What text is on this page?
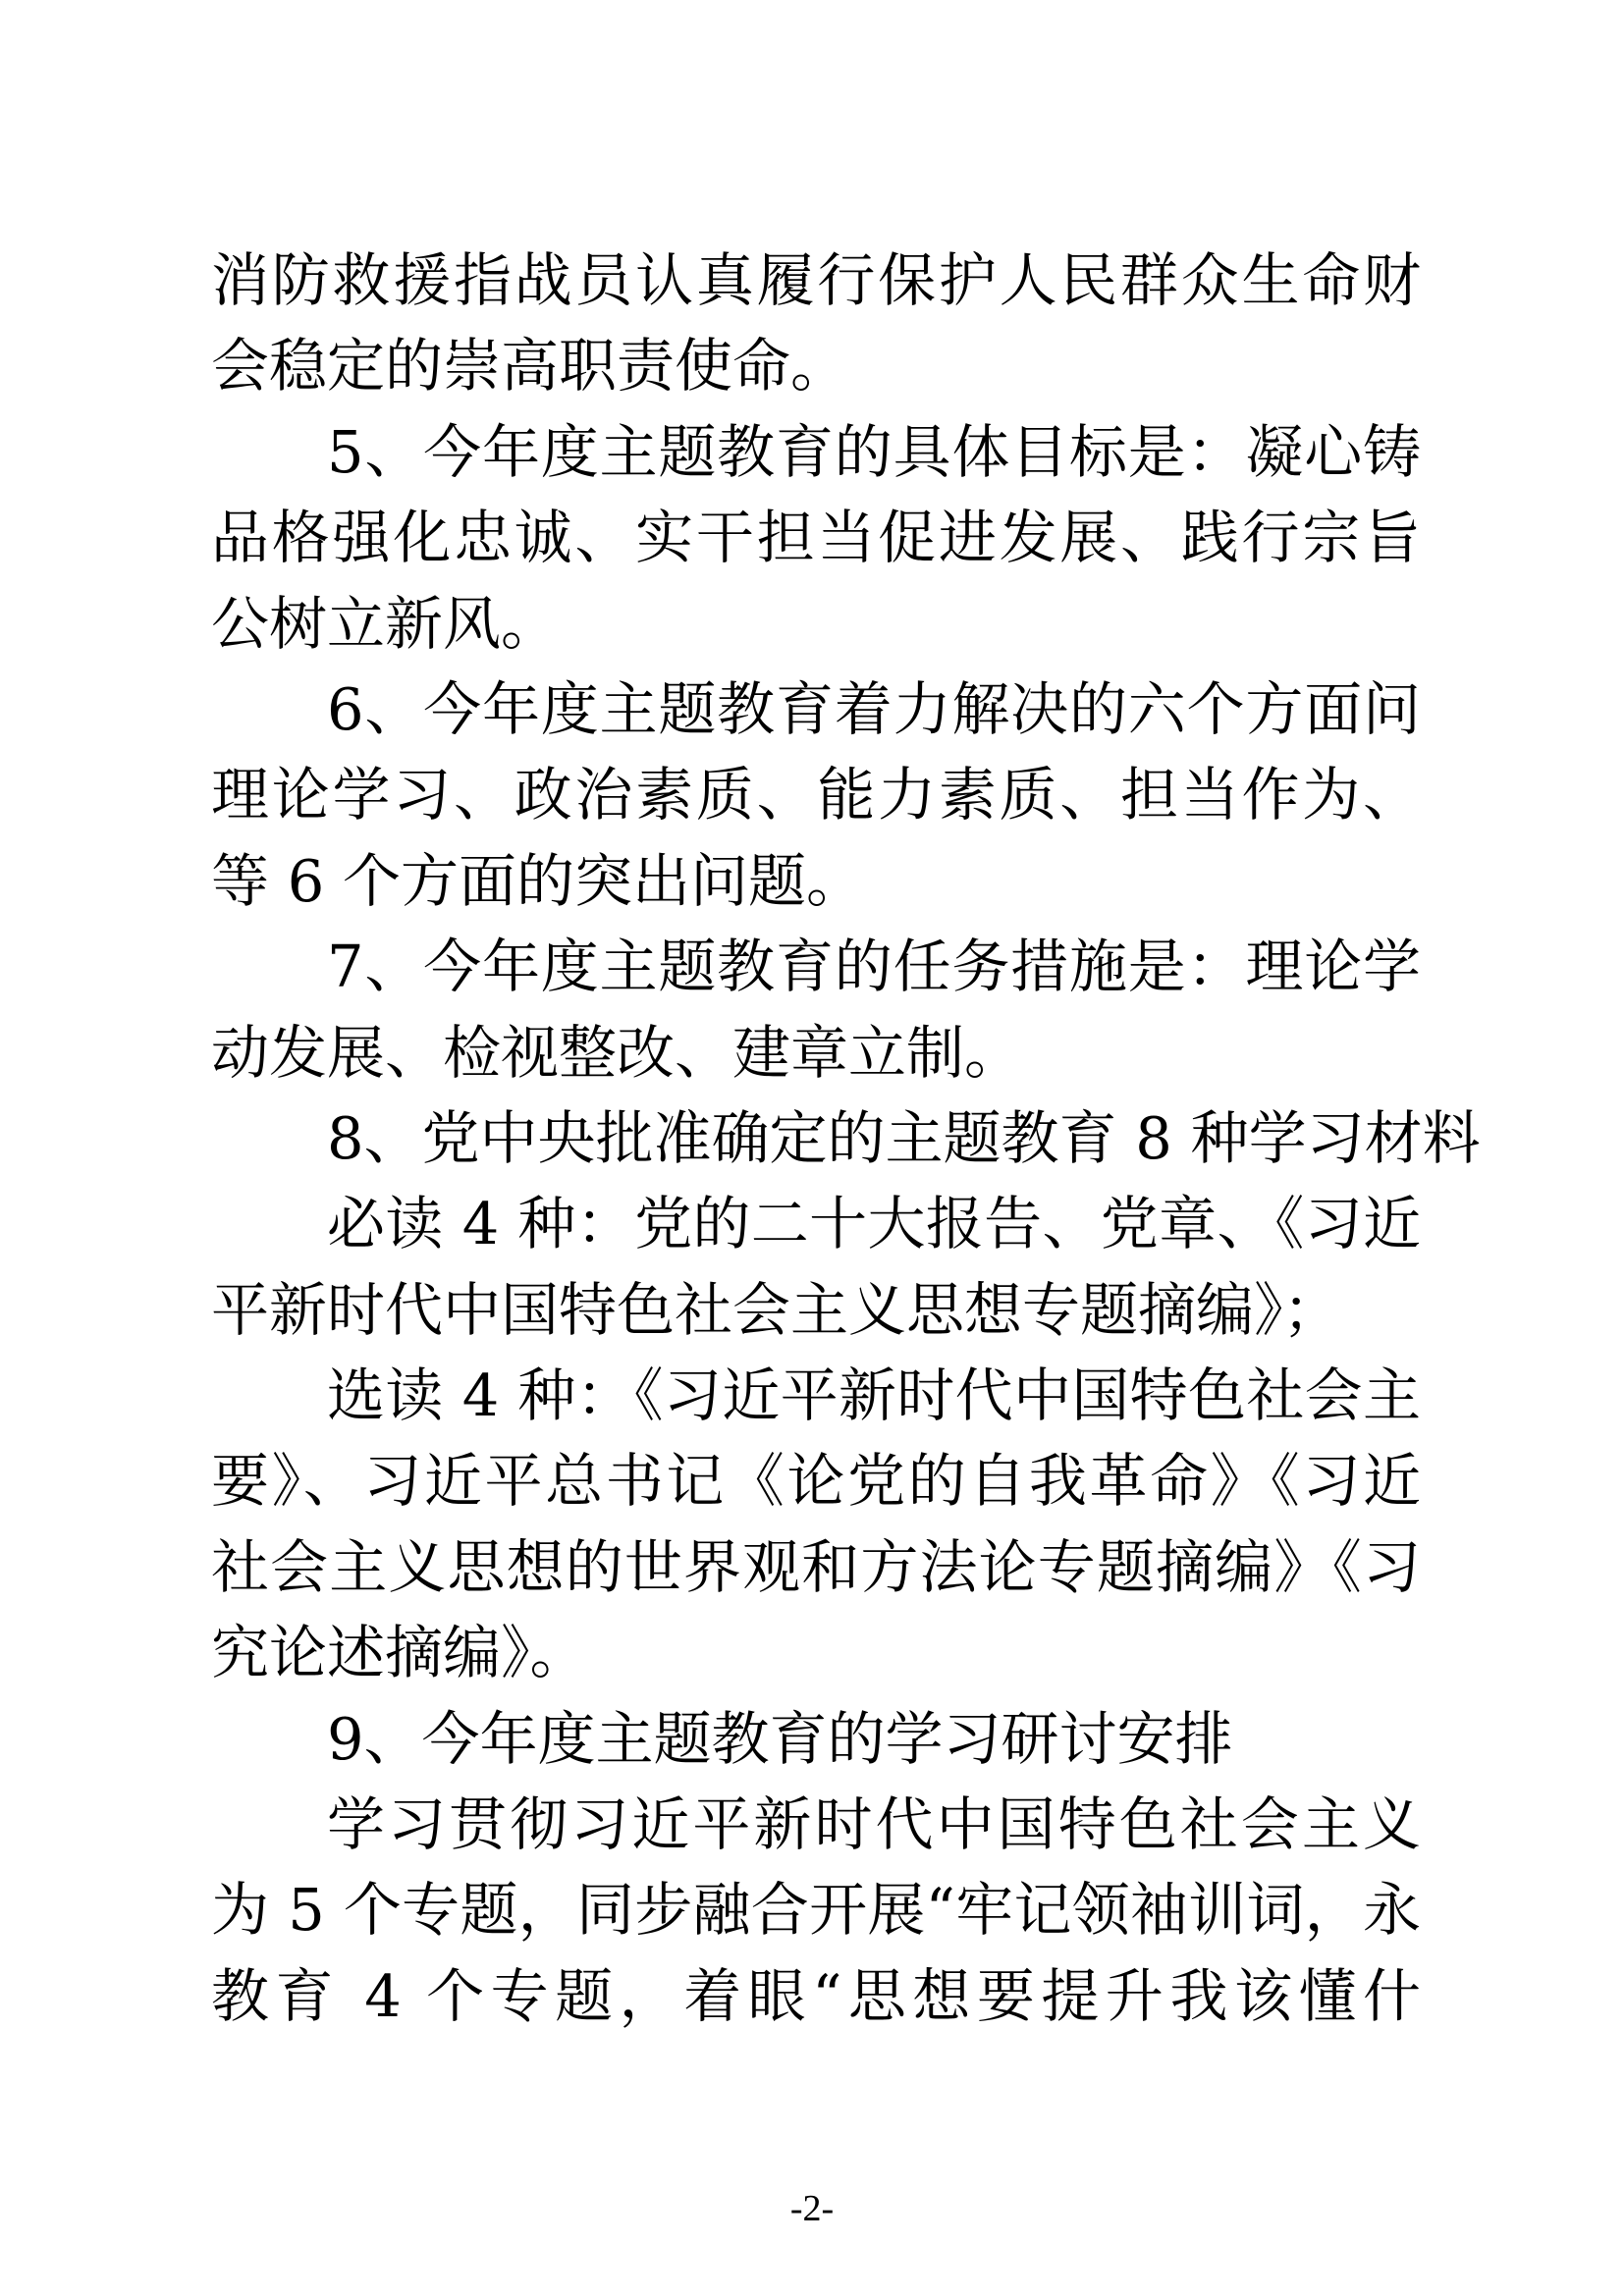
消防救援指战员认真履行保护人民群众生命财
会稳定的崇高职责使命。
5、今年度主题教育的具体目标是：凝心铸
品格强化忠诚、实干担当促进发展、践行宗旨
公树立新风。
6、今年度主题教育着力解决的六个方面问
理论学习、政治素质、能力素质、担当作为、
等 6 个方面的突出问题。
7、今年度主题教育的任务措施是：理论学
动发展、检视整改、建章立制。
8、党中央批准确定的主题教育 8 种学习材料
必读 4 种：党的二十大报告、党章、《习近
平新时代中国特色社会主义思想专题摘编》；
选读 4 种：《习近平新时代中国特色社会主
要》、习近平总书记《论党的自我革命》《习近
社会主义思想的世界观和方法论专题摘编》《习
究论述摘编》。
9、今年度主题教育的学习研讨安排
学习贯彻习近平新时代中国特色社会主义
为 5 个专题，同步融合开展“牢记领袖训词，永
教育 4 个专题，着眼“思想要提升我该懂什
-2-
